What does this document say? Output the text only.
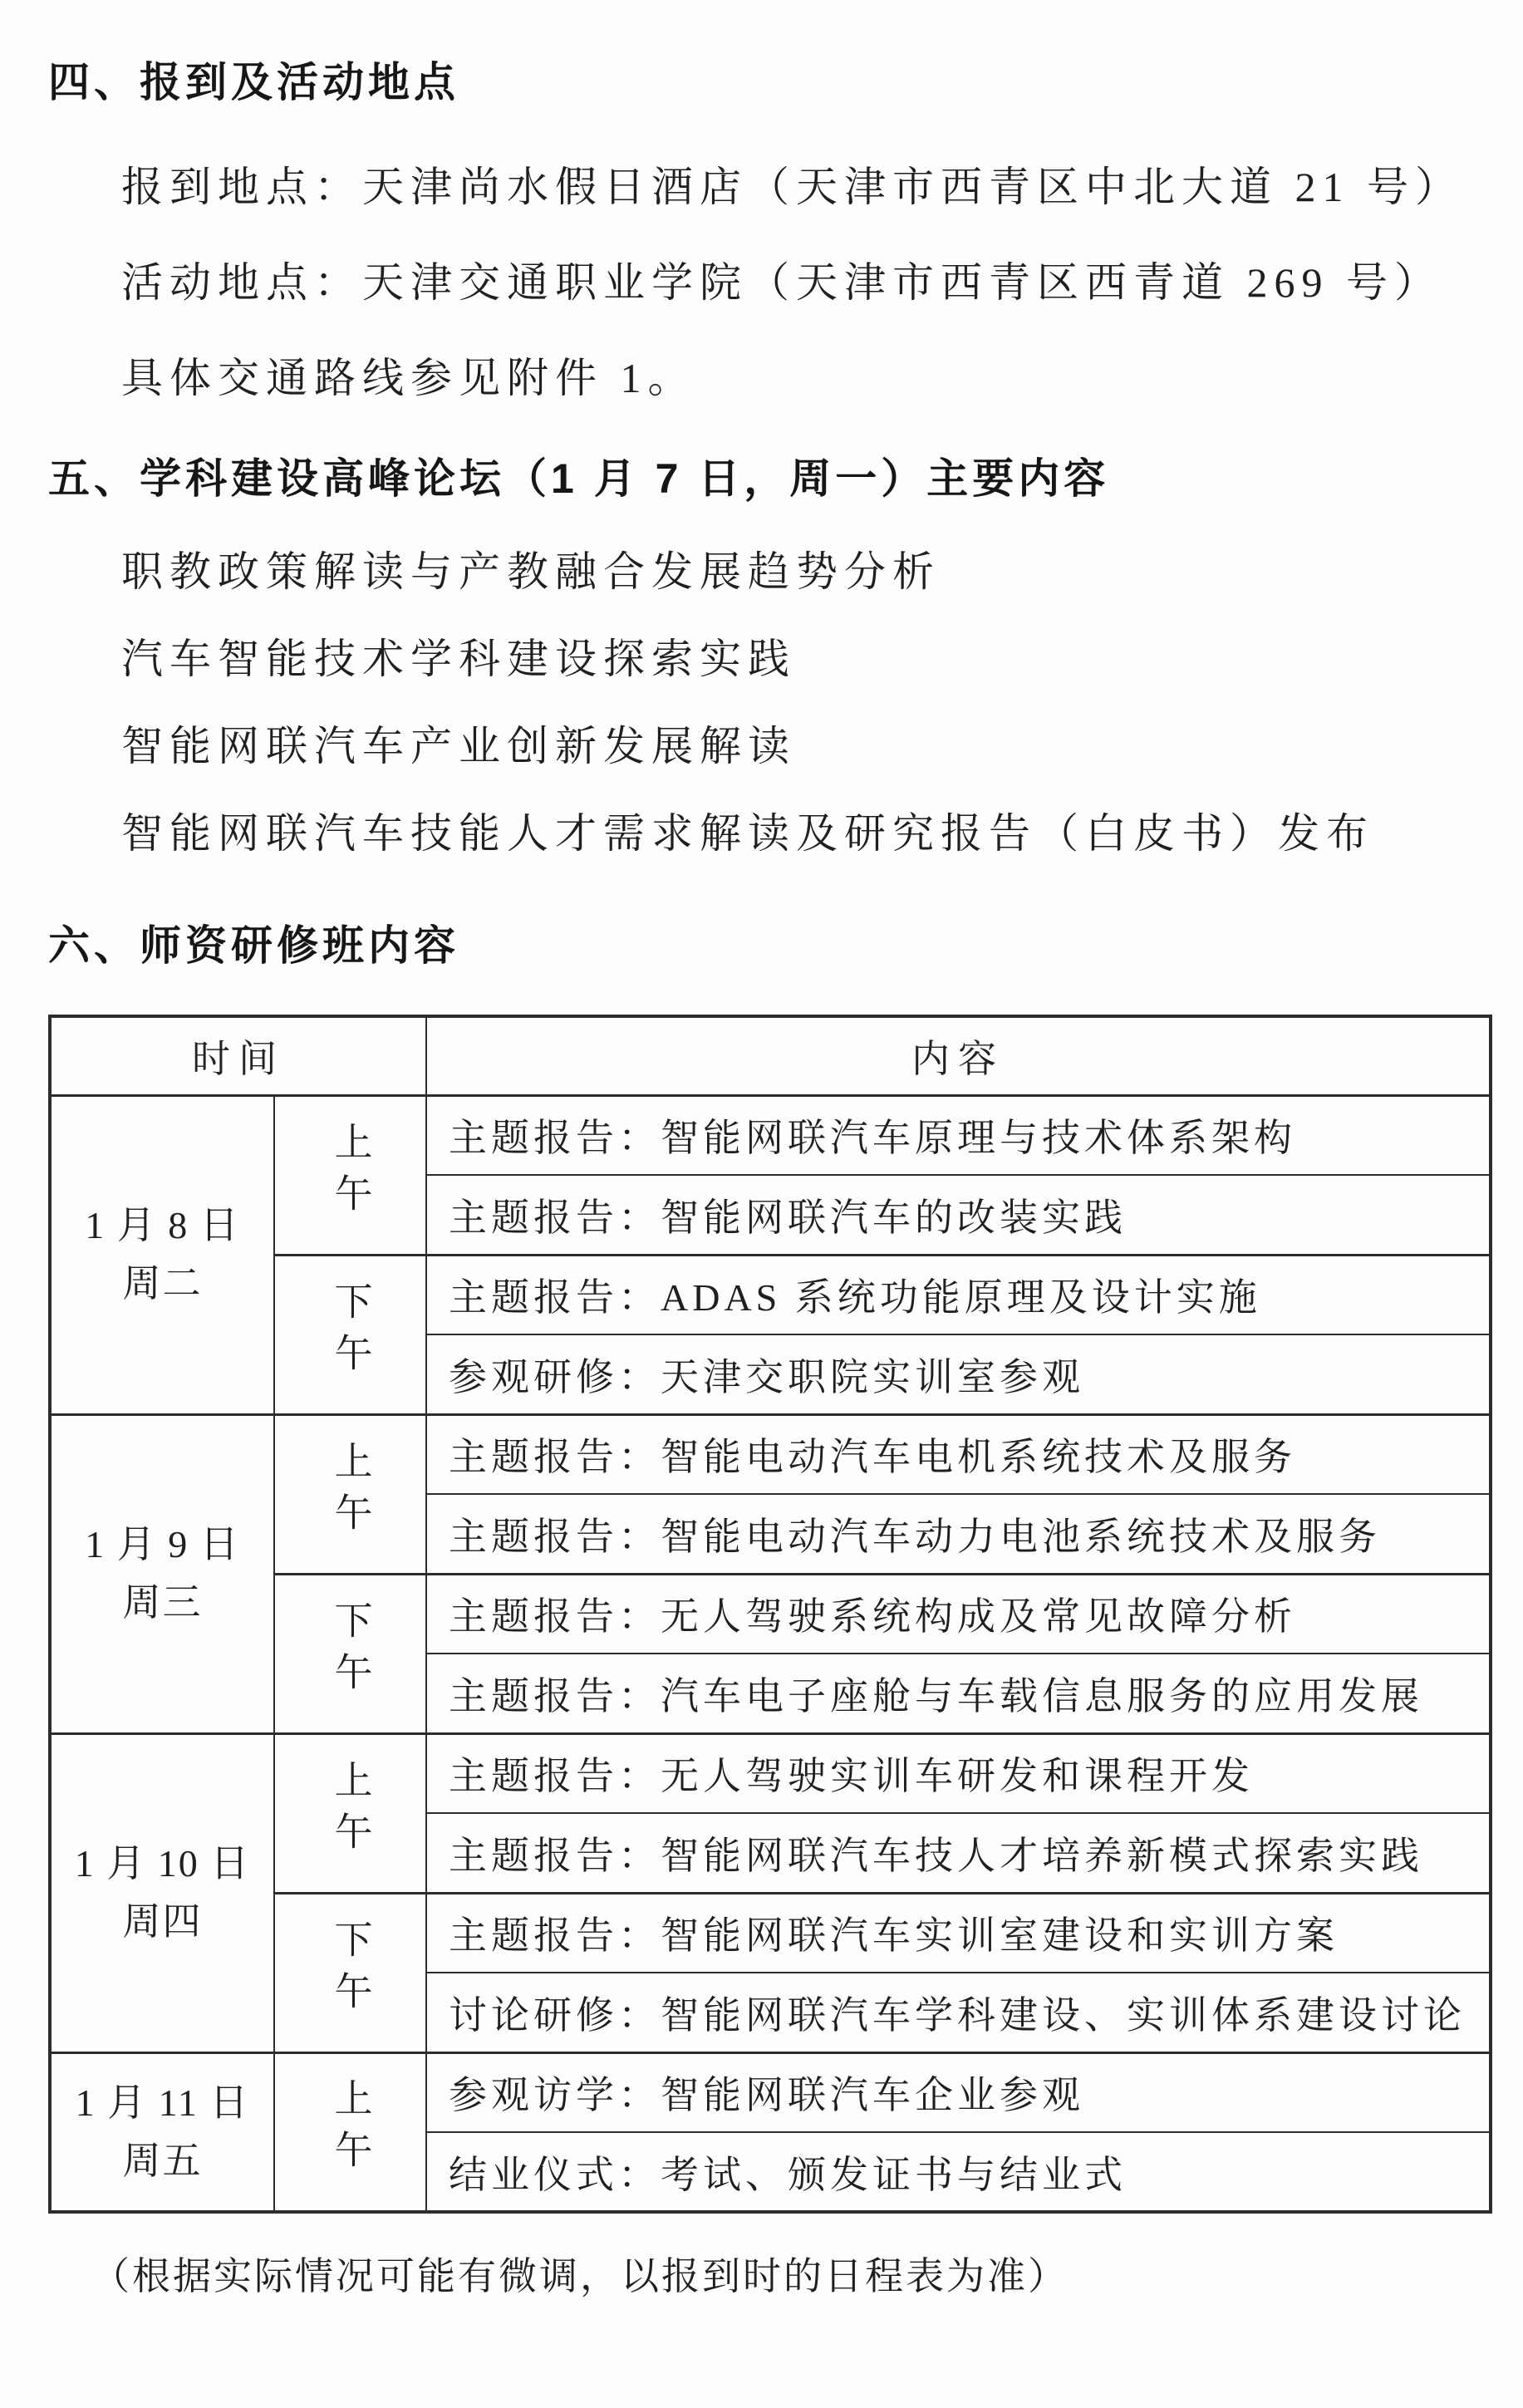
四、报到及活动地点

报到地点：天津尚水假日酒店（天津市西青区中北大道 21 号）

活动地点：天津交通职业学院（天津市西青区西青道 269 号）

具体交通路线参见附件 1。

五、学科建设高峰论坛（1 月 7 日，周一）主要内容

职教政策解读与产教融合发展趋势分析

汽车智能技术学科建设探索实践

智能网联汽车产业创新发展解读

智能网联汽车技能人才需求解读及研究报告（白皮书）发布

六、师资研修班内容
时间		内容

1 月 8 日
周二	上午	主题报告：智能网联汽车原理与技术体系架构
		主题报告：智能网联汽车的改装实践
	下午	主题报告：ADAS 系统功能原理及设计实施
		参观研修：天津交职院实训室参观

1 月 9 日
周三	上午	主题报告：智能电动汽车电机系统技术及服务
		主题报告：智能电动汽车动力电池系统技术及服务
	下午	主题报告：无人驾驶系统构成及常见故障分析
		主题报告：汽车电子座舱与车载信息服务的应用发展

1 月 10 日
周四	上午	主题报告：无人驾驶实训车研发和课程开发
		主题报告：智能网联汽车技人才培养新模式探索实践
	下午	主题报告：智能网联汽车实训室建设和实训方案
		讨论研修：智能网联汽车学科建设、实训体系建设讨论

1 月 11 日
周五	上午	参观访学：智能网联汽车企业参观
		结业仪式：考试、颁发证书与结业式

（根据实际情况可能有微调，以报到时的日程表为准）
